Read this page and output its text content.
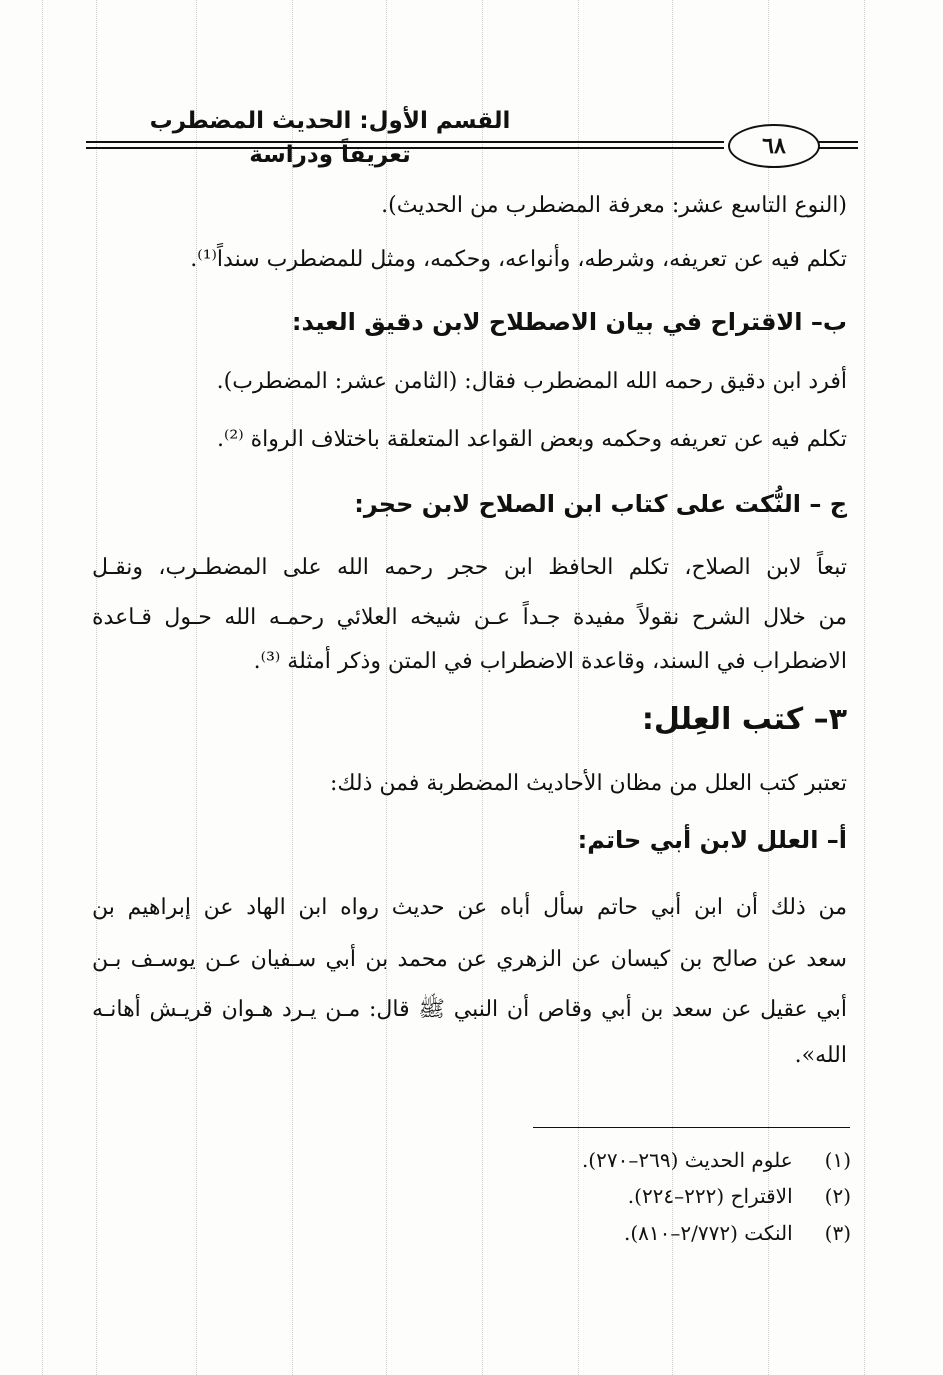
القسم الأول: الحديث المضطرب تعريفاً ودراسة	٦٨
(النوع التاسع عشر: معرفة المضطرب من الحديث).
تكلم فيه عن تعريفه، وشرطه، وأنواعه، وحكمه، ومثل للمضطرب سنداً⁽¹⁾.
ب– الاقتراح في بيان الاصطلاح لابن دقيق العيد:
أفرد ابن دقيق رحمه الله المضطرب فقال: (الثامن عشر: المضطرب).
تكلم فيه عن تعريفه وحكمه وبعض القواعد المتعلقة باختلاف الرواة ⁽²⁾.
ج – النُّكت على كتاب ابن الصلاح لابن حجر:
تبعاً لابن الصلاح، تكلم الحافظ ابن حجر رحمه الله على المضطـرب، ونقـل
من خلال الشرح نقولاً مفيدة جـداً عـن شيخه العلائي رحمـه الله حـول قـاعدة
الاضطراب في السند، وقاعدة الاضطراب في المتن وذكر أمثلة ⁽³⁾.
٣– كتب العِلل:
تعتبر كتب العلل من مظان الأحاديث المضطربة فمن ذلك:
أ– العلل لابن أبي حاتم:
من ذلك أن ابن أبي حاتم سأل أباه عن حديث رواه ابن الهاد عن إبراهيم بن
سعد عن صالح بن كيسان عن الزهري عن محمد بن أبي سـفيان عـن يوسـف بـن
أبي عقيل عن سعد بن أبي وقاص أن النبي ﷺ قال: مـن يـرد هـوان قريـش أهانـه
الله».
(١) علوم الحديث (٢٦٩–٢٧٠).
(٢) الاقتراح (٢٢٢–٢٢٤).
(٣) النكت (٢/٧٧٢–٨١٠).
